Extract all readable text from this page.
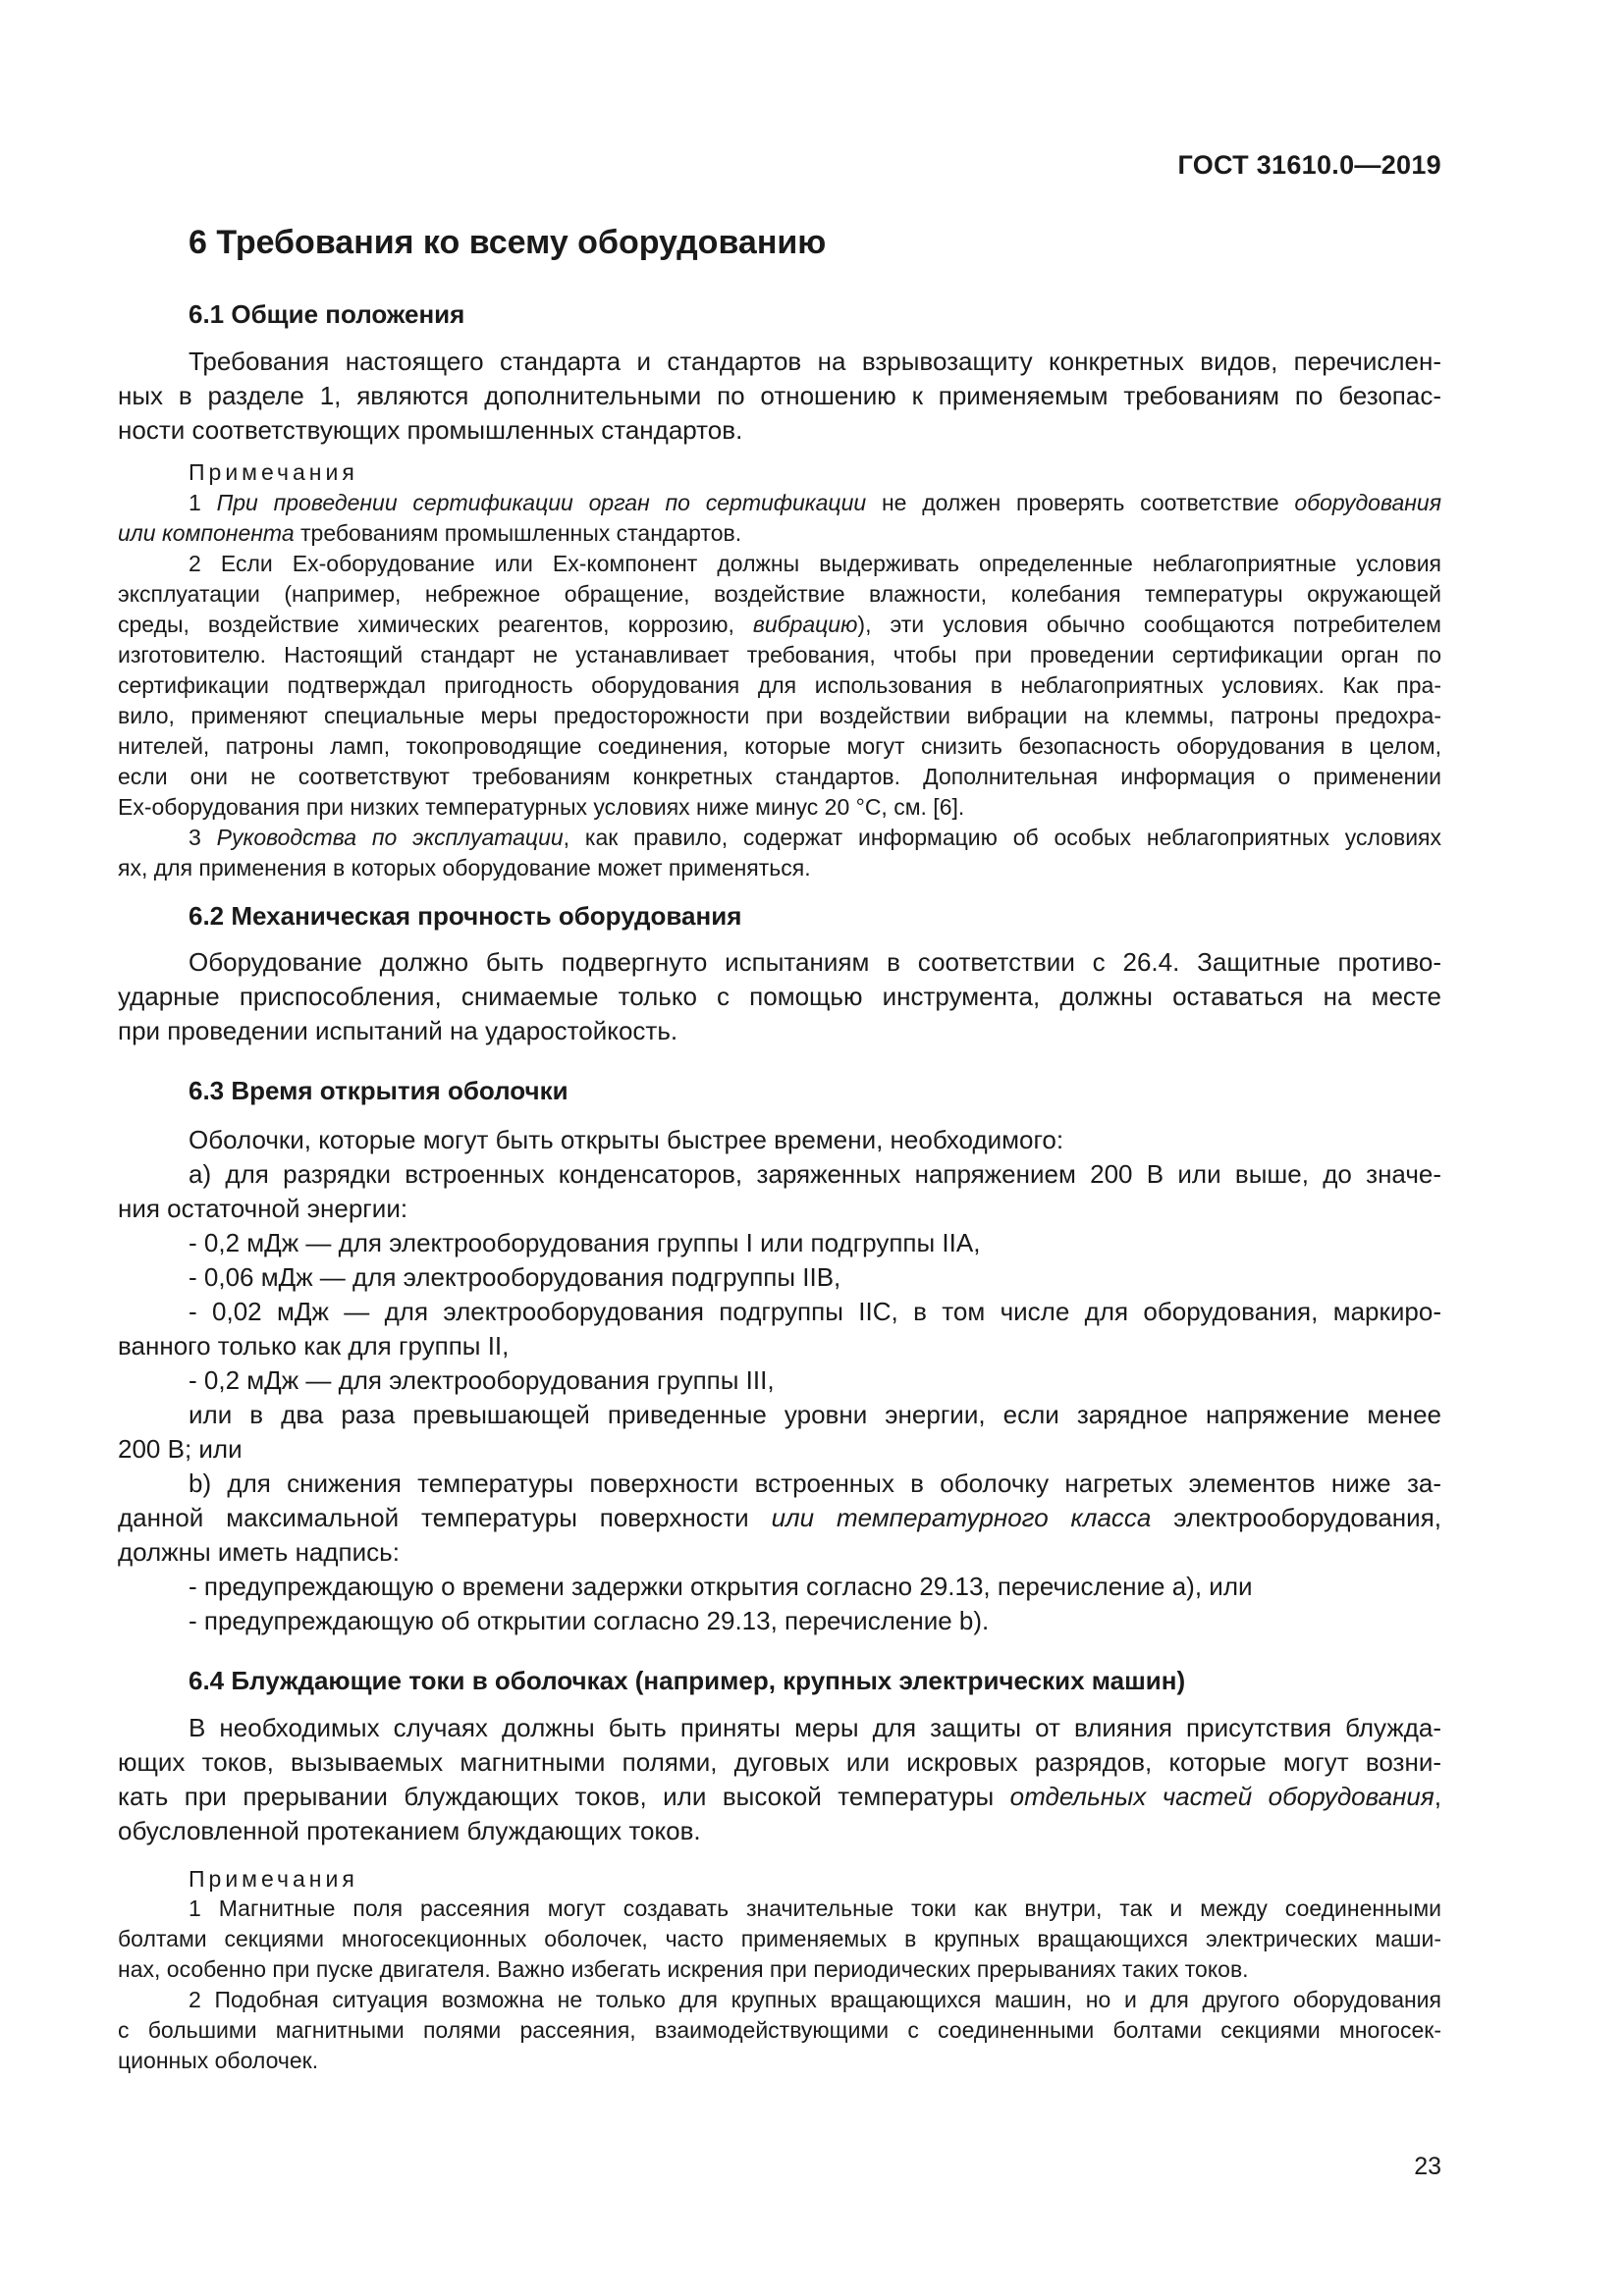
ГОСТ 31610.0—2019
6 Требования ко всему оборудованию
6.1 Общие положения
Требования настоящего стандарта и стандартов на взрывозащиту конкретных видов, перечислен-
ных в разделе 1, являются дополнительными по отношению к применяемым требованиям по безопас-
ности соответствующих промышленных стандартов.
Примечания
1 При проведении сертификации орган по сертификации не должен проверять соответствие оборудования
или компонента требованиям промышленных стандартов.
2 Если Ex-оборудование или Ex-компонент должны выдерживать определенные неблагоприятные условия
эксплуатации (например, небрежное обращение, воздействие влажности, колебания температуры окружающей
среды, воздействие химических реагентов, коррозию, вибрацию), эти условия обычно сообщаются потребителем
изготовителю. Настоящий стандарт не устанавливает требования, чтобы при проведении сертификации орган по
сертификации подтверждал пригодность оборудования для использования в неблагоприятных условиях. Как пра-
вило, применяют специальные меры предосторожности при воздействии вибрации на клеммы, патроны предохра-
нителей, патроны ламп, токопроводящие соединения, которые могут снизить безопасность оборудования в целом,
если они не соответствуют требованиям конкретных стандартов. Дополнительная информация о применении
Ex-оборудования при низких температурных условиях ниже минус 20 °С, см. [6].
3 Руководства по эксплуатации, как правило, содержат информацию об особых неблагоприятных условиях
ях, для применения в которых оборудование может применяться.
6.2 Механическая прочность оборудования
Оборудование должно быть подвергнуто испытаниям в соответствии с 26.4. Защитные противо-
ударные приспособления, снимаемые только с помощью инструмента, должны оставаться на месте
при проведении испытаний на ударостойкость.
6.3 Время открытия оболочки
Оболочки, которые могут быть открыты быстрее времени, необходимого:
а) для разрядки встроенных конденсаторов, заряженных напряжением 200 В или выше, до значе-
ния остаточной энергии:
- 0,2 мДж — для электрооборудования группы I или подгруппы IIА,
- 0,06 мДж — для электрооборудования подгруппы IIВ,
- 0,02 мДж — для электрооборудования подгруппы IIС, в том числе для оборудования, маркиро-
ванного только как для группы II,
- 0,2 мДж — для электрооборудования группы III,
или в два раза превышающей приведенные уровни энергии, если зарядное напряжение менее
200 В; или
b) для снижения температуры поверхности встроенных в оболочку нагретых элементов ниже за-
данной максимальной температуры поверхности или температурного класса электрооборудования,
должны иметь надпись:
- предупреждающую о времени задержки открытия согласно 29.13, перечисление а), или
- предупреждающую об открытии согласно 29.13, перечисление b).
6.4 Блуждающие токи в оболочках (например, крупных электрических машин)
В необходимых случаях должны быть приняты меры для защиты от влияния присутствия блужда-
ющих токов, вызываемых магнитными полями, дуговых или искровых разрядов, которые могут возни-
кать при прерывании блуждающих токов, или высокой температуры отдельных частей оборудования,
обусловленной протеканием блуждающих токов.
Примечания
1 Магнитные поля рассеяния могут создавать значительные токи как внутри, так и между соединенными
болтами секциями многосекционных оболочек, часто применяемых в крупных вращающихся электрических маши-
нах, особенно при пуске двигателя. Важно избегать искрения при периодических прерываниях таких токов.
2 Подобная ситуация возможна не только для крупных вращающихся машин, но и для другого оборудования
с большими магнитными полями рассеяния, взаимодействующими с соединенными болтами секциями многосек-
ционных оболочек.
23
